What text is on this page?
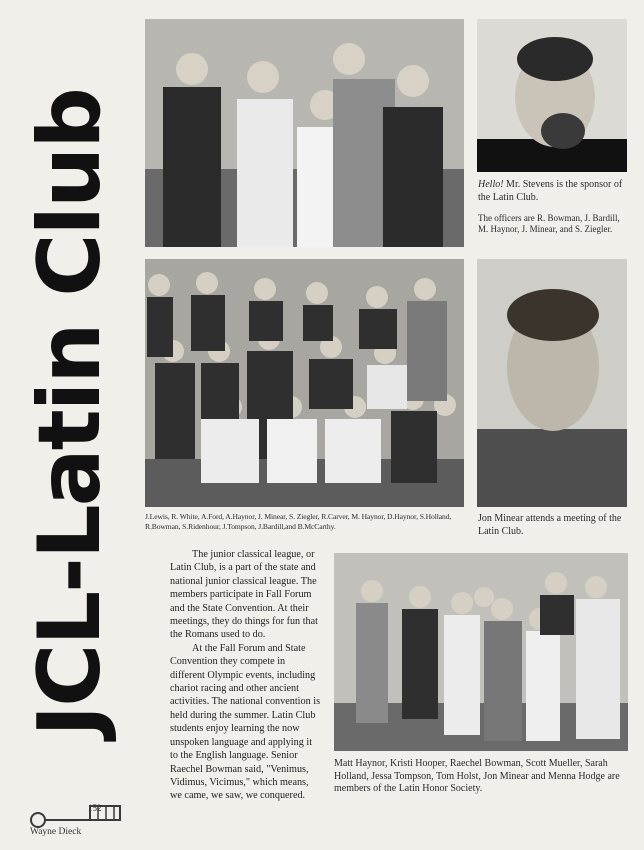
JCL-Latin Club	Hello! Mr. Stevens is the sponsor of the Latin Club.
The officers are R. Bowman, J. Bardill, M. Haynor, J. Minear, and S. Ziegler.
J.Lewis, R. White, A.Ford, A.Haynor, J. Minear, S. Ziegler, R.Carver, M. Haynor, D.Haynor, S.Holland, R.Bowman, S.Ridenhour, J.Tompson, J.Bardill,and B.McCarthy.
Jon Minear attends a meeting of the Latin Club.

The junior classical league, or Latin Club, is a part of the state and national junior classical league. The members participate in Fall Forum and the State Convention. At their meetings, they do things for fun that the Romans used to do.

At the Fall Forum and State Convention they compete in different Olympic events, including chariot racing and other ancient activities. The national convention is held during the summer. Latin Club students enjoy learning the now unspoken language and applying it to the English language. Senior Raechel Bowman said, "Venimus, Vidimus, Vicimus," which means, we came, we saw, we conquered.

Matt Haynor, Kristi Hooper, Raechel Bowman, Scott Mueller, Sarah Holland, Jessa Tompson, Tom Holst, Jon Minear and Menna Hodge are members of the Latin Honor Society.
152
Wayne Dieck
